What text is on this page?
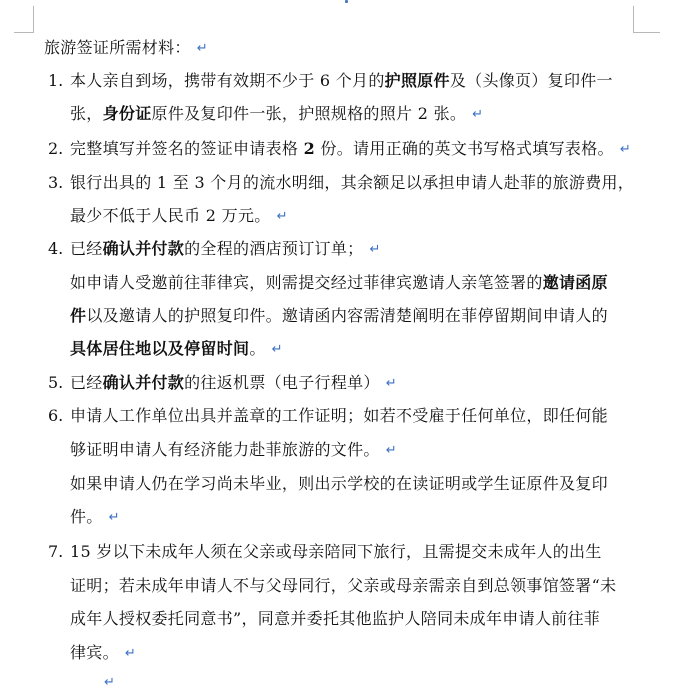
旅游签证所需材料： ↵
1. 本人亲自到场，携带有效期不少于 6 个月的护照原件及（头像页）复印件一
张，身份证原件及复印件一张，护照规格的照片 2 张。 ↵
2. 完整填写并签名的签证申请表格 2 份。请用正确的英文书写格式填写表格。 ↵
3. 银行出具的 1 至 3 个月的流水明细，其余额足以承担申请人赴菲的旅游费用，
最少不低于人民币 2 万元。 ↵
4. 已经确认并付款的全程的酒店预订订单； ↵
如申请人受邀前往菲律宾，则需提交经过菲律宾邀请人亲笔签署的邀请函原
件以及邀请人的护照复印件。邀请函内容需清楚阐明在菲停留期间申请人的
具体居住地以及停留时间。 ↵
5. 已经确认并付款的往返机票（电子行程单） ↵
6. 申请人工作单位出具并盖章的工作证明；如若不受雇于任何单位，即任何能
够证明申请人有经济能力赴菲旅游的文件。 ↵
如果申请人仍在学习尚未毕业，则出示学校的在读证明或学生证原件及复印
件。 ↵
7. 15 岁以下未成年人须在父亲或母亲陪同下旅行，且需提交未成年人的出生
证明；若未成年申请人不与父母同行，父亲或母亲需亲自到总领事馆签署“未
成年人授权委托同意书”，同意并委托其他监护人陪同未成年申请人前往菲
律宾。 ↵
↵
